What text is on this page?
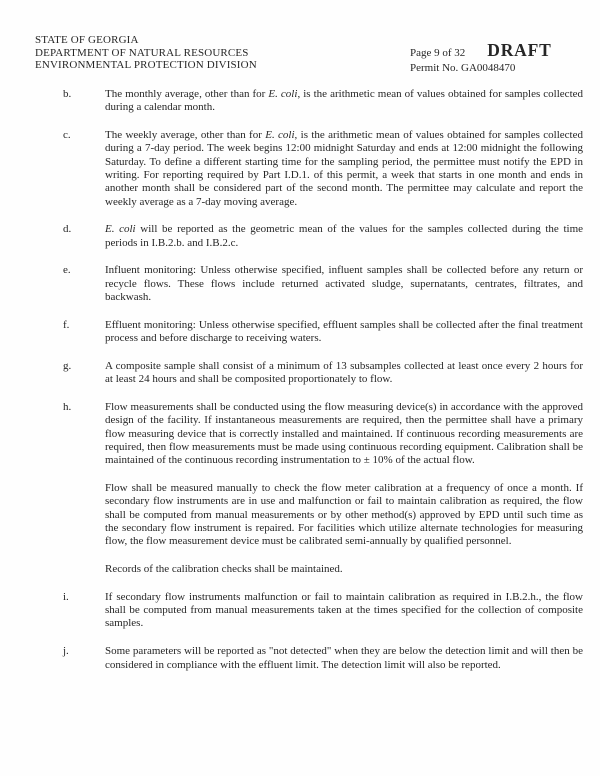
STATE OF GEORGIA
DEPARTMENT OF NATURAL RESOURCES
ENVIRONMENTAL PROTECTION DIVISION
Page 9 of 32 DRAFT
Permit No. GA0048470
b.	The monthly average, other than for E. coli, is the arithmetic mean of values obtained for samples collected during a calendar month.
c.	The weekly average, other than for E. coli, is the arithmetic mean of values obtained for samples collected during a 7-day period. The week begins 12:00 midnight Saturday and ends at 12:00 midnight the following Saturday. To define a different starting time for the sampling period, the permittee must notify the EPD in writing. For reporting required by Part I.D.1. of this permit, a week that starts in one month and ends in another month shall be considered part of the second month. The permittee may calculate and report the weekly average as a 7-day moving average.
d.	E. coli will be reported as the geometric mean of the values for the samples collected during the time periods in I.B.2.b. and I.B.2.c.
e.	Influent monitoring: Unless otherwise specified, influent samples shall be collected before any return or recycle flows. These flows include returned activated sludge, supernatants, centrates, filtrates, and backwash.
f.	Effluent monitoring: Unless otherwise specified, effluent samples shall be collected after the final treatment process and before discharge to receiving waters.
g.	A composite sample shall consist of a minimum of 13 subsamples collected at least once every 2 hours for at least 24 hours and shall be composited proportionately to flow.
h.	Flow measurements shall be conducted using the flow measuring device(s) in accordance with the approved design of the facility. If instantaneous measurements are required, then the permittee shall have a primary flow measuring device that is correctly installed and maintained. If continuous recording measurements are required, then flow measurements must be made using continuous recording equipment. Calibration shall be maintained of the continuous recording instrumentation to ± 10% of the actual flow.
Flow shall be measured manually to check the flow meter calibration at a frequency of once a month. If secondary flow instruments are in use and malfunction or fail to maintain calibration as required, the flow shall be computed from manual measurements or by other method(s) approved by EPD until such time as the secondary flow instrument is repaired. For facilities which utilize alternate technologies for measuring flow, the flow measurement device must be calibrated semi-annually by qualified personnel.
Records of the calibration checks shall be maintained.
i.	If secondary flow instruments malfunction or fail to maintain calibration as required in I.B.2.h., the flow shall be computed from manual measurements taken at the times specified for the collection of composite samples.
j.	Some parameters will be reported as "not detected" when they are below the detection limit and will then be considered in compliance with the effluent limit. The detection limit will also be reported.
